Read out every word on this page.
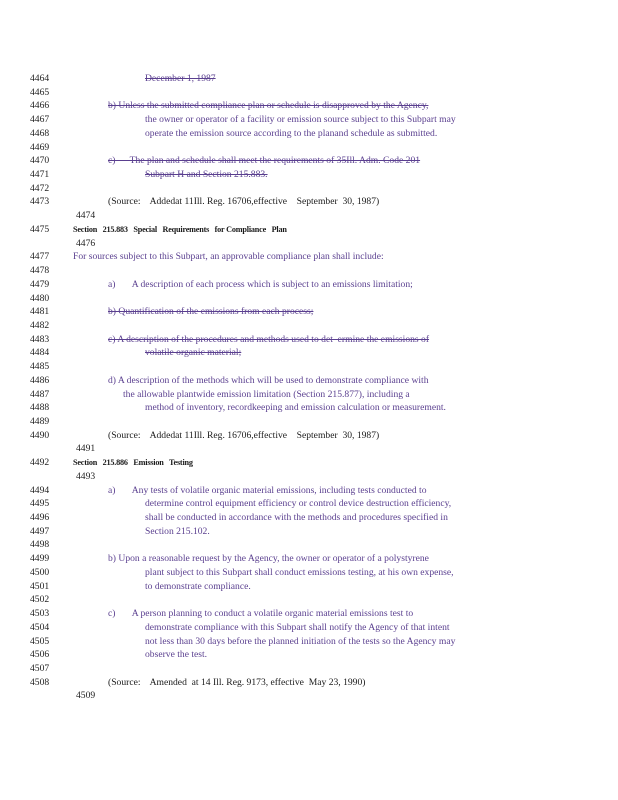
4464	December 1, 1987
4465
4466	b) Unless the submitted compliance plan or schedule is disapproved by the Agency,
4467	the owner or operator of a facility or emission source subject to this Subpart may
4468	operate the emission source according to the planand schedule as submitted.
4469
4470	c)      The plan and schedule shall meet the requirements of 35Ill. Adm. Code 201
4471	Subpart H and Section 215.883.
4472
4473	(Source:    Addedat 11Ill. Reg. 16706,effective    September  30, 1987)
4474
4475	Section   215.883   Special   Requirements   for Compliance   Plan
4476
4477	For sources subject to this Subpart, an approvable compliance plan shall include:
4478
4479	a)       A description of each process which is subject to an emissions limitation;
4480
4481	b) Quantification of the emissions from each process;
4482
4483	c) A description of the procedures and methods used to det  ermine the emissions of
4484	volatile organic material;
4485
4486	d) A description of the methods which will be used to demonstrate compliance with
4487	the allowable plantwide emission limitation (Section 215.877), including a
4488	method of inventory, recordkeeping and emission calculation or measurement.
4489
4490	(Source:    Addedat 11Ill. Reg. 16706,effective    September  30, 1987)
4491
4492	Section   215.886   Emission   Testing
4493
4494	a)       Any tests of volatile organic material emissions, including tests conducted to
4495	determine control equipment efficiency or control device destruction efficiency,
4496	shall be conducted in accordance with the methods and procedures specified in
4497	Section 215.102.
4498
4499	b) Upon a reasonable request by the Agency, the owner or operator of a polystyrene
4500	plant subject to this Subpart shall conduct emissions testing, at his own expense,
4501	to demonstrate compliance.
4502
4503	c)       A person planning to conduct a volatile organic material emissions test to
4504	demonstrate compliance with this Subpart shall notify the Agency of that intent
4505	not less than 30 days before the planned initiation of the tests so the Agency may
4506	observe the test.
4507
4508	(Source:    Amended  at 14 Ill. Reg. 9173, effective  May 23, 1990)
4509
